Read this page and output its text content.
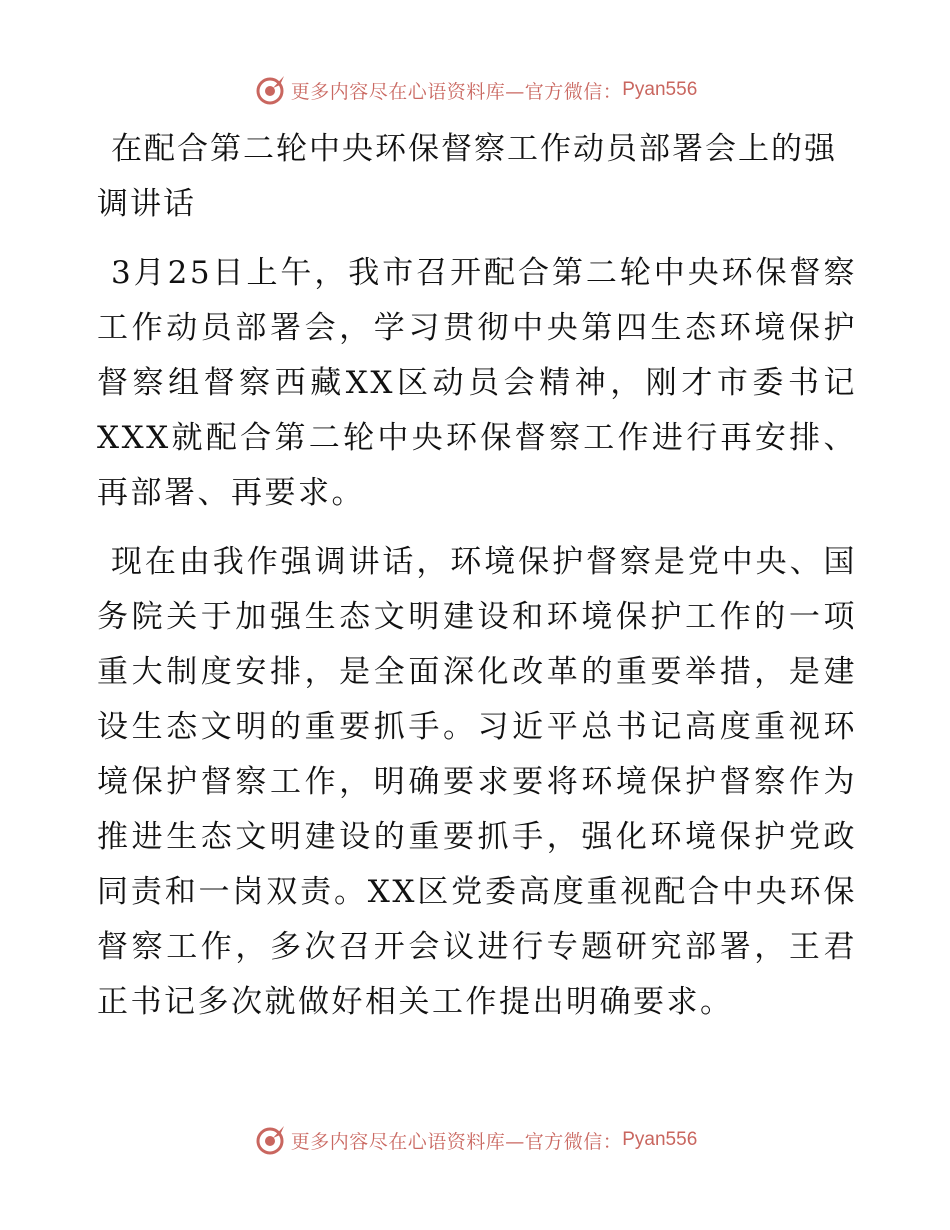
更多内容尽在心语资料库—官方微信： Pyan556
在配合第二轮中央环保督察工作动员部署会上的强调讲话

3月25日上午，我市召开配合第二轮中央环保督察工作动员部署会，学习贯彻中央第四生态环境保护督察组督察西藏XX区动员会精神，刚才市委书记XXX就配合第二轮中央环保督察工作进行再安排、再部署、再要求。

现在由我作强调讲话，环境保护督察是党中央、国务院关于加强生态文明建设和环境保护工作的一项重大制度安排，是全面深化改革的重要举措，是建设生态文明的重要抓手。习近平总书记高度重视环境保护督察工作，明确要求要将环境保护督察作为推进生态文明建设的重要抓手，强化环境保护党政同责和一岗双责。XX区党委高度重视配合中央环保督察工作，多次召开会议进行专题研究部署，王君正书记多次就做好相关工作提出明确要求。

更多内容尽在心语资料库—官方微信： Pyan556
